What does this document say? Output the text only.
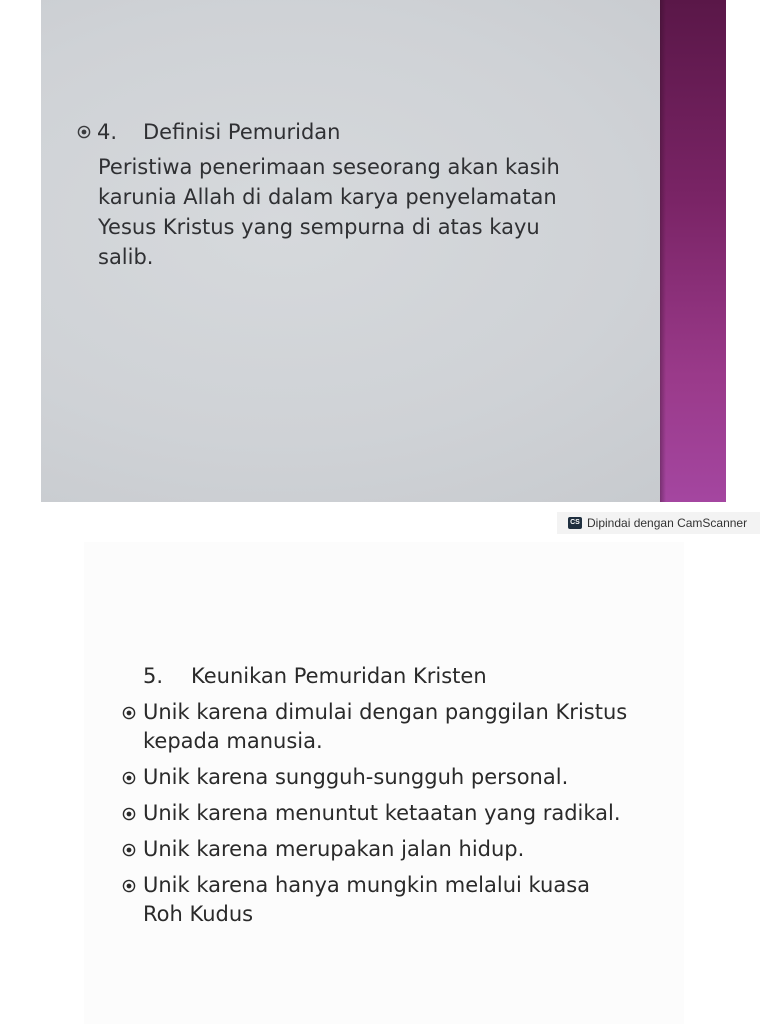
4. Definisi Pemuridan
Peristiwa penerimaan seseorang akan kasih
karunia Allah di dalam karya penyelamatan
Yesus Kristus yang sempurna di atas kayu
salib.
CS Dipindai dengan CamScanner
5. Keunikan Pemuridan Kristen
Unik karena dimulai dengan panggilan Kristus
kepada manusia.
Unik karena sungguh-sungguh personal.
Unik karena menuntut ketaatan yang radikal.
Unik karena merupakan jalan hidup.
Unik karena hanya mungkin melalui kuasa
Roh Kudus
